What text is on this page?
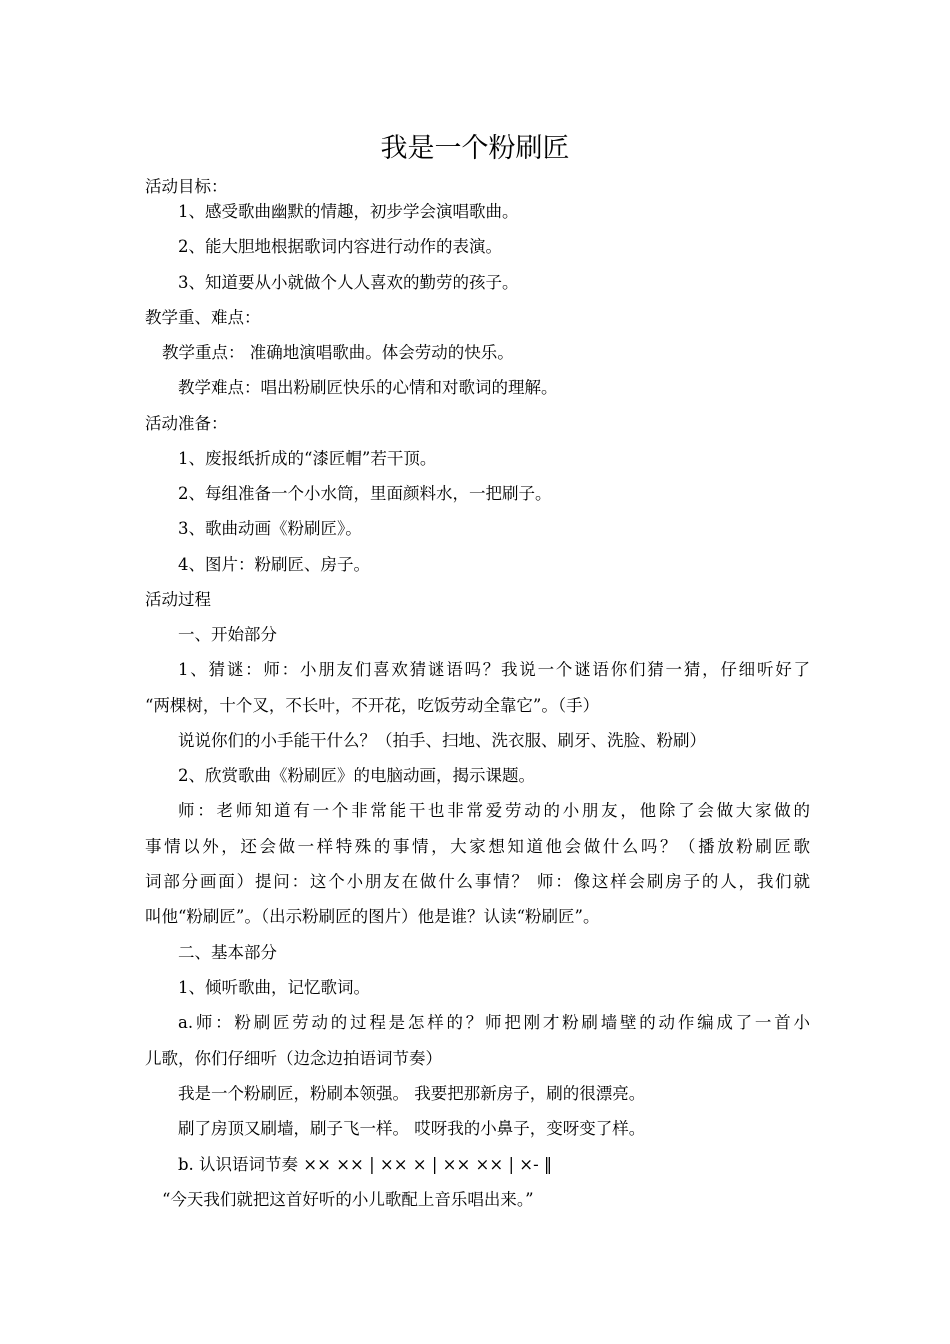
我是一个粉刷匠
活动目标：
1、感受歌曲幽默的情趣，初步学会演唱歌曲。
2、能大胆地根据歌词内容进行动作的表演。
3、知道要从小就做个人人喜欢的勤劳的孩子。
教学重、难点：
教学重点： 准确地演唱歌曲。体会劳动的快乐。
教学难点：唱出粉刷匠快乐的心情和对歌词的理解。
活动准备：
1、废报纸折成的“漆匠帽”若干顶。
2、每组准备一个小水筒，里面颜料水，一把刷子。
3、歌曲动画《粉刷匠》。
4、图片：粉刷匠、房子。
活动过程
一、开始部分
1、猜谜：师：小朋友们喜欢猜谜语吗？我说一个谜语你们猜一猜，仔细听好了
“两棵树，十个叉，不长叶，不开花，吃饭劳动全靠它”。（手）
说说你们的小手能干什么？（拍手、扫地、洗衣服、刷牙、洗脸、粉刷）
2、欣赏歌曲《粉刷匠》的电脑动画，揭示课题。
师：老师知道有一个非常能干也非常爱劳动的小朋友，他除了会做大家做的
事情以外，还会做一样特殊的事情，大家想知道他会做什么吗？（播放粉刷匠歌
词部分画面）提问：这个小朋友在做什么事情？ 师：像这样会刷房子的人，我们就
叫他“粉刷匠”。（出示粉刷匠的图片）他是谁？认读“粉刷匠”。
二、基本部分
1、倾听歌曲，记忆歌词。
a.师：粉刷匠劳动的过程是怎样的？师把刚才粉刷墙壁的动作编成了一首小
儿歌，你们仔细听（边念边拍语词节奏）
我是一个粉刷匠，粉刷本领强。 我要把那新房子，刷的很漂亮。
刷了房顶又刷墙，刷子飞一样。 哎呀我的小鼻子，变呀变了样。
b. 认识语词节奏 ×× ×× | ×× × | ×× ×× | ×- ‖
“今天我们就把这首好听的小儿歌配上音乐唱出来。”
